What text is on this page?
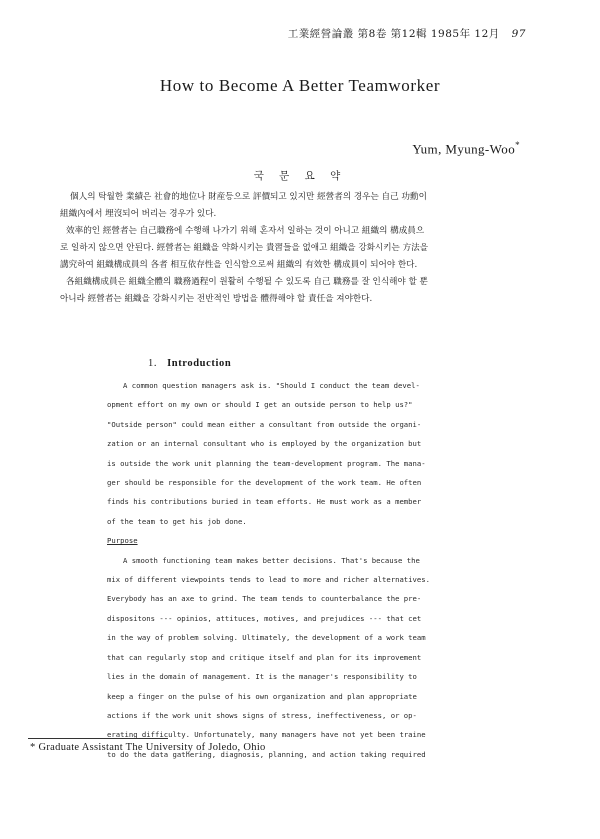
工業經營論叢 第8卷 第12輯 1985年 12月 97
How to Become A Better Teamworker
Yum, Myung-Woo*
국 문 요 약

個人의 탁월한 業績은 社會的地位나 財産등으로 評價되고 있지만 經營者의 경우는 自己 功勳이
組織內에서 埋沒되어 버리는 경우가 있다.

效率的인 經營者는 自己職務에 수행해 나가기 위해 혼자서 일하는 것이 아니고 組織의 構成員으
로 일하지 않으면 안된다. 經營者는 組織을 약화시키는 貴習들을 없애고 組織을 강화시키는 方法을
講究하여 組織構成員의 各者 相互依存性을 인식함으로써 組織의 有效한 構成員이 되어야 한다.

各組織構成員은 組織全體의 職務過程이 원활히 수행될 수 있도록 自己 職務를 잘 인식해야 할 뿐
아니라 經營者는 組織을 강화시키는 전반적인 방법을 體得해야 할 責任을 져야한다.

1. Introduction
A common question managers ask is. "Should I conduct the team devel-
opment effort on my own or should I get an outside person to help us?"
"Outside person" could mean either a consultant from outside the organi-
zation or an internal consultant who is employed by the organization but
is outside the work unit planning the team-development program. The mana-
ger should be responsible for the development of the work team. He often
finds his contributions buried in team efforts. He must work as a member
of the team to get his job done.
Purpose
A smooth functioning team makes better decisions. That's because the
mix of different viewpoints tends to lead to more and richer alternatives.
Everybody has an axe to grind. The team tends to counterbalance the pre-
dispositons --- opinios, attituces, motives, and prejudices --- that cet
in the way of problem solving. Ultimately, the development of a work team
that can regularly stop and critique itself and plan for its improvement
lies in the domain of management. It is the manager's responsibility to
keep a finger on the pulse of his own organization and plan appropriate
actions if the work unit shows signs of stress, ineffectiveness, or op-
erating difficulty. Unfortunately, many managers have not yet been traine
to do the data gathering, diagnosis, planning, and action taking required
* Graduate Assistant The University of Joledo, Ohio
